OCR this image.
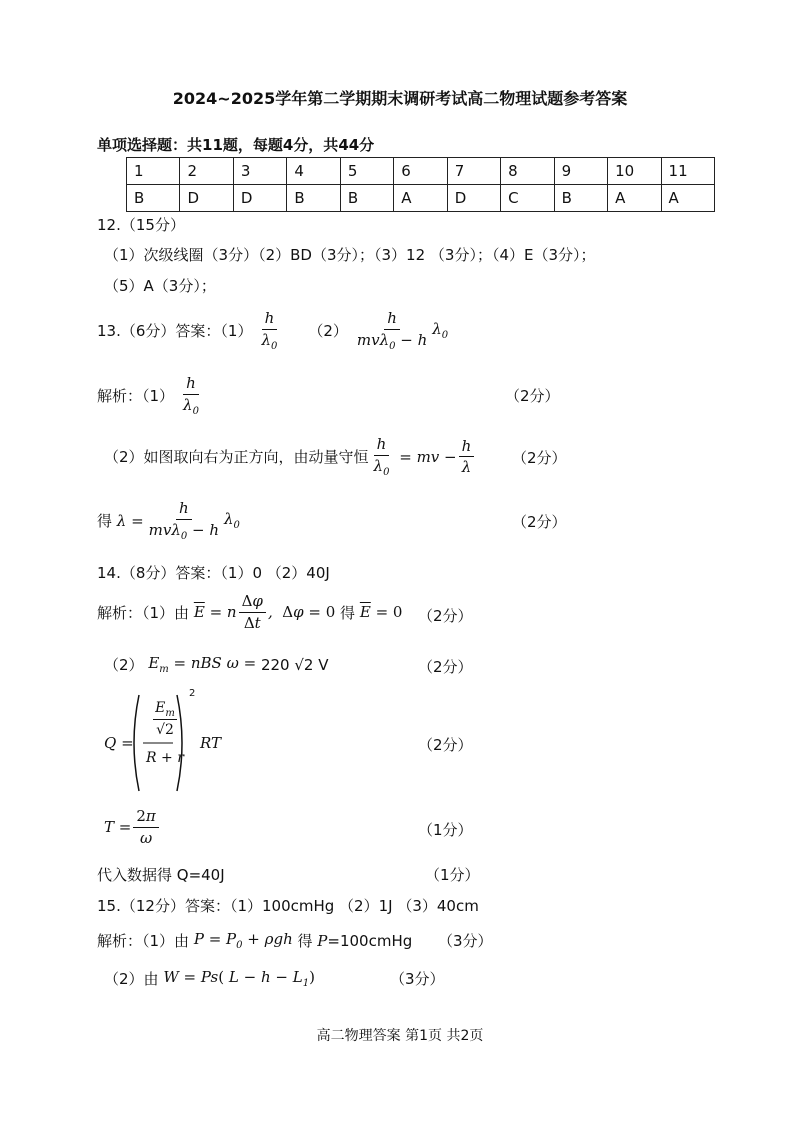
2024~2025学年第二学期期末调研考试高二物理试题参考答案
单项选择题：共11题，每题4分，共44分
1	2	3	4	5	6	7	8	9	10	11
B	D	D	B	B	A	D	C	B	A	A
12.（15分）
（1）次级线圈（3分）（2）BD（3分）；（3）12 （3分）；（4）E（3分）；
（5）A（3分）；
13.（6分）答案：$(1) \frac{h}{\lambda_0} (2) \frac{h}{mv\lambda_0 - h} \lambda_0$
解析：$(1) \frac{h}{\lambda_0}$	（2分）
（2）如图取向右为正方向，由动量守恒 $\frac{h}{\lambda_0}$ = mv − $\frac{h}{\lambda}$	（2分）
得 $\lambda = \frac{h}{mv\lambda_0 - h} \lambda_0$	（2分）
14.（8分）答案：（1）0 （2）40J
解析：（1）由 $\overline{E} = n \frac{\Delta\varphi}{\Delta t}$ ,  Δφ = 0 得 $\overline{E} = 0$ （2分）
（2） $E_m$ = nBS ω = 220 √2 V	（2分）
Q =
$E_m$
√2
R + r
2
RT	（2分）
$T = \frac{2\pi}{\omega}$	（1分）
代入数据得 Q=40J	（1分）
15.（12分）答案：（1）100cmHg （2）1J （3）40cm
解析：（1）由 $P = P_0 + \rho gh$ 得 P =100cmHg （3分）
（2）由 W = Ps( $L - h - L_1$)	（3分）
高二物理答案 第1页 共2页
